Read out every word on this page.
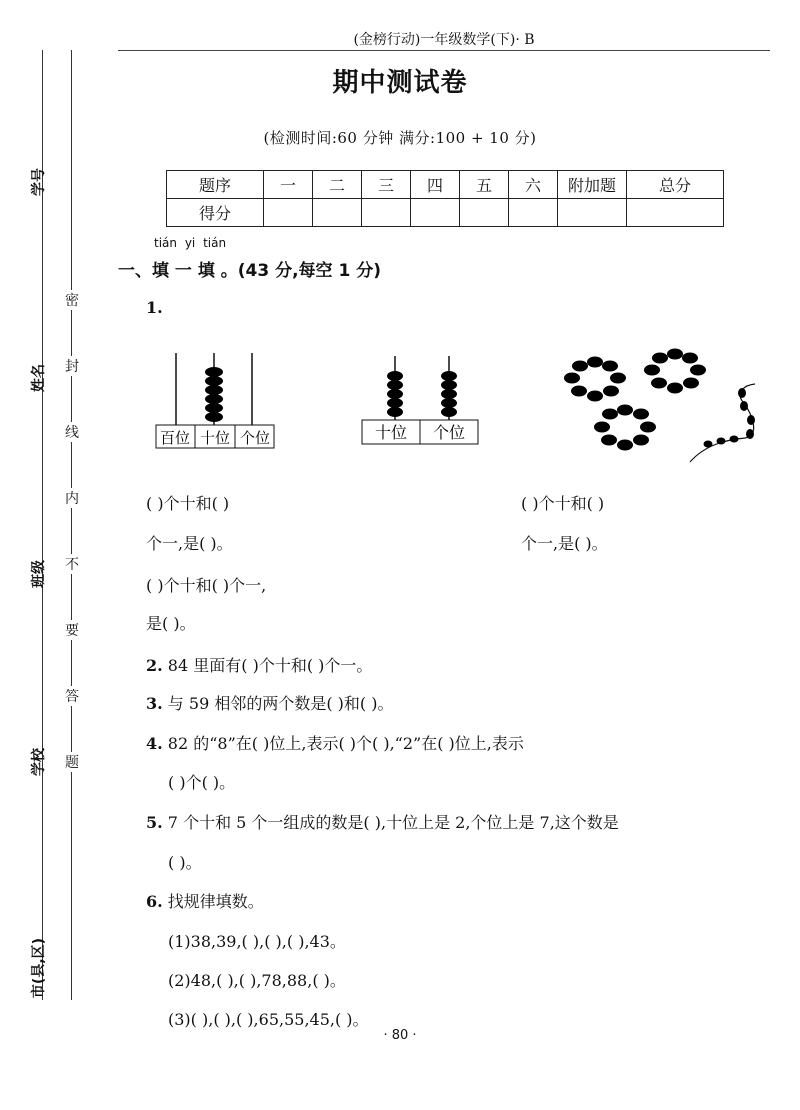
学号
姓名
班级
学校
市(县,区)
密
封
线
内
不
要
答
题
(金榜行动)一年级数学(下)· B
期中测试卷
(检测时间:60 分钟 满分:100 + 10 分)
题序	一	二	三	四	五	六	附加题	总分
得分								
tián yi tián
一、填 一 填 。(43 分,每空 1 分)
1.
百位 十位 个位	十位 个位
( )个十和( )
个一,是( )。
( )个十和( )
个一,是( )。
( )个十和( )个一,
是( )。
2. 84 里面有( )个十和( )个一。
3. 与 59 相邻的两个数是( )和( )。
4. 82 的“8”在( )位上,表示( )个( ),“2”在( )位上,表示
( )个( )。
5. 7 个十和 5 个一组成的数是( ),十位上是 2,个位上是 7,这个数是
( )。
6. 找规律填数。
(1)38,39,( ),( ),( ),43。
(2)48,( ),( ),78,88,( )。
(3)( ),( ),( ),65,55,45,( )。
· 80 ·
